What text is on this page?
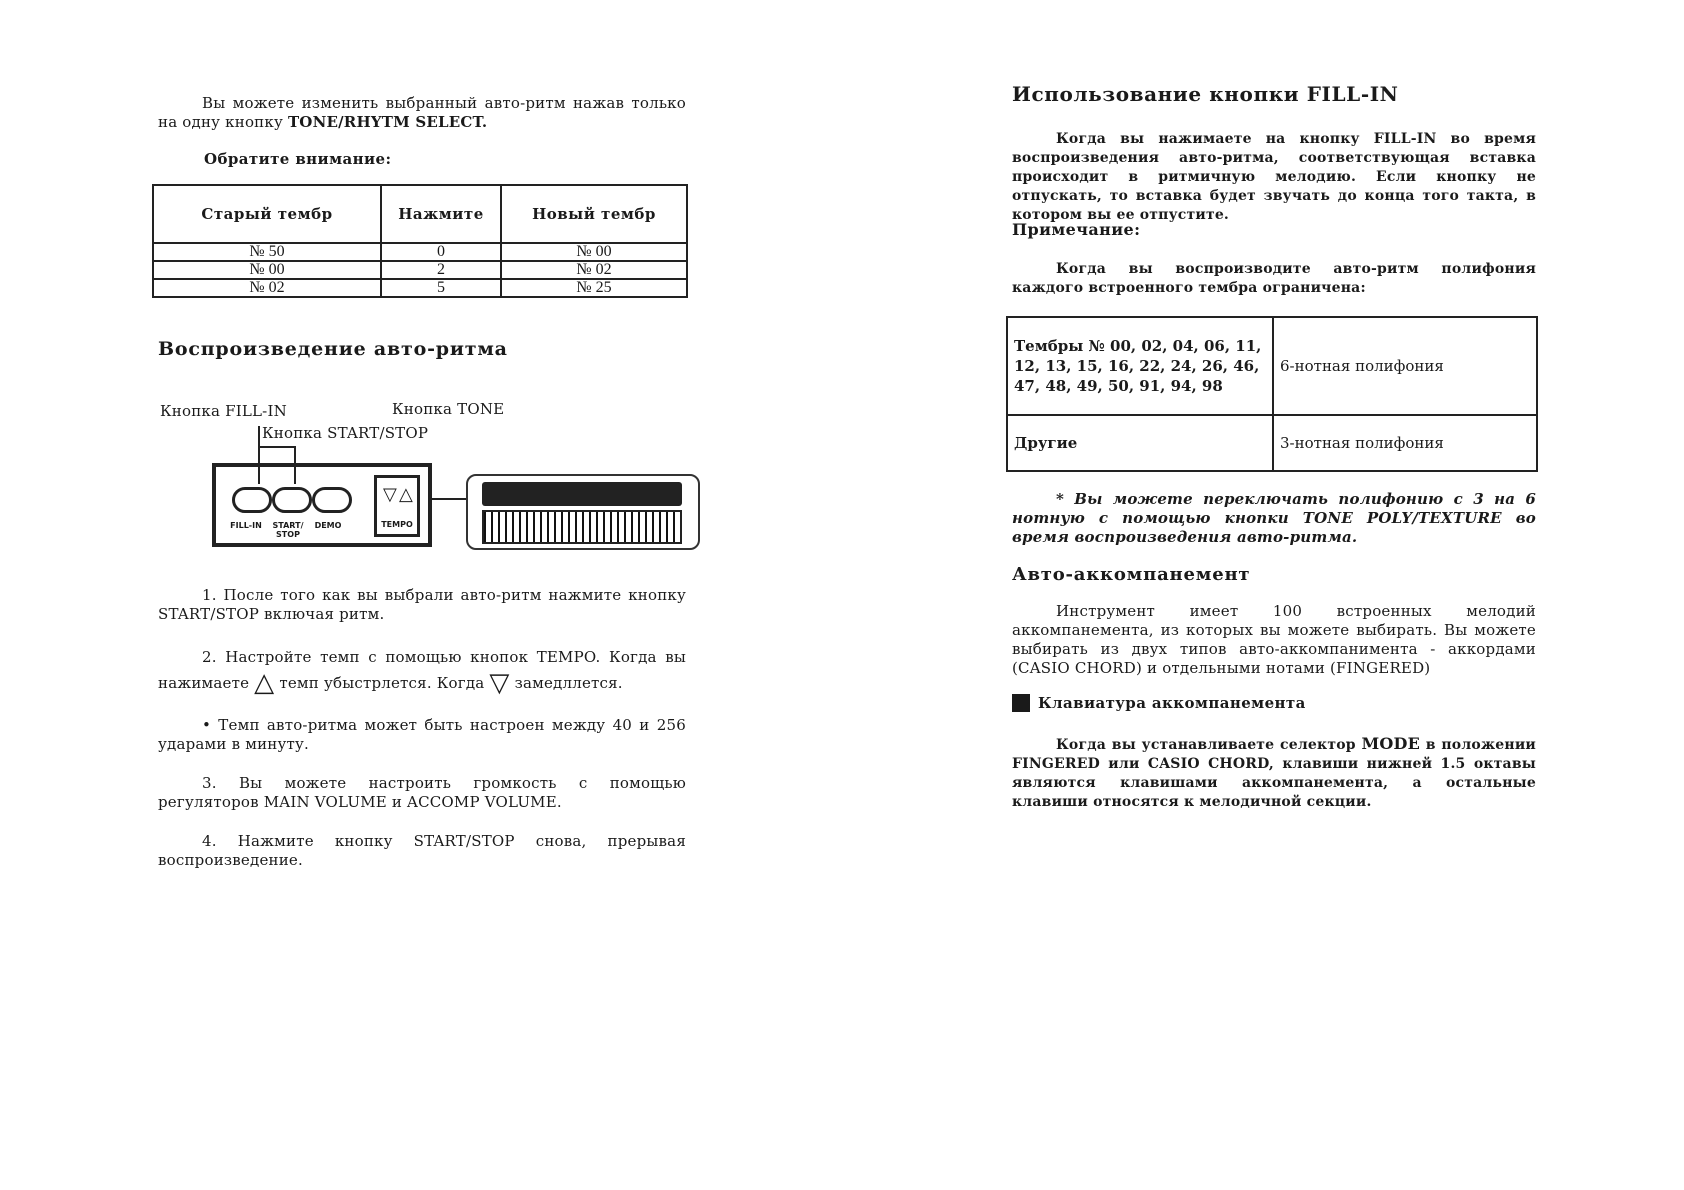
Вы можете изменить выбранный авто-ритм нажав только на одну кнопку TONE/RHYTM SELECT.

Обратите внимание:

Старый тембр	Нажмите	Новый тембр
№ 50	0	№ 00
№ 00	2	№ 02
№ 02	5	№ 25
Воспроизведение авто-ритма
Кнопка FILL-IN	Кнопка TONE
Кнопка START/STOP
FILL-IN	START/
STOP
DEMO
▽ △
TEMPO

1. После того как вы выбрали авто-ритм нажмите кнопку START/STOP включая ритм.

2. Настройте темп с помощью кнопок TEMPO. Когда вы нажимаете △ темп убыстрлется. Когда ▽ замедллется.

• Темп авто-ритма может быть настроен между 40 и 256 ударами в минуту.

3. Вы можете настроить громкость с помощью регуляторов MAIN VOLUME и ACCOMP VOLUME.

4. Нажмите кнопку START/STOP снова, прерывая воспроизведение.

Использование кнопки FILL-IN

Когда вы нажимаете на кнопку FILL-IN во время воспроизведения авто-ритма, соответствующая вставка происходит в ритмичную мелодию. Если кнопку не отпускать, то вставка будет звучать до конца того такта, в котором вы ее отпустите.

Примечание:

Когда вы воспроизводите авто-ритм полифония каждого встроенного тембра ограничена:

Тембры № 00, 02, 04, 06, 11, 12, 13, 15, 16, 22, 24, 26, 46, 47, 48, 49, 50, 91, 94, 98	6-нотная полифония
Другие	3-нотная полифония

* Вы можете переключать полифонию с 3 на 6 нотную с помощью кнопки TONE POLY/TEXTURE во время воспроизведения авто-ритма.

Авто-аккомпанемент

Инструмент имеет 100 встроенных мелодий аккомпанемента, из которых вы можете выбирать. Вы можете выбирать из двух типов авто-аккомпанимента - аккордами (CASIO CHORD) и отдельными нотами (FINGERED)

Клавиатура аккомпанемента

Когда вы устанавливаете селектор MODE в положении FINGERED или CASIO CHORD, клавиши нижней 1.5 октавы являются клавишами аккомпанемента, а остальные клавиши относятся к мелодичной секции.
